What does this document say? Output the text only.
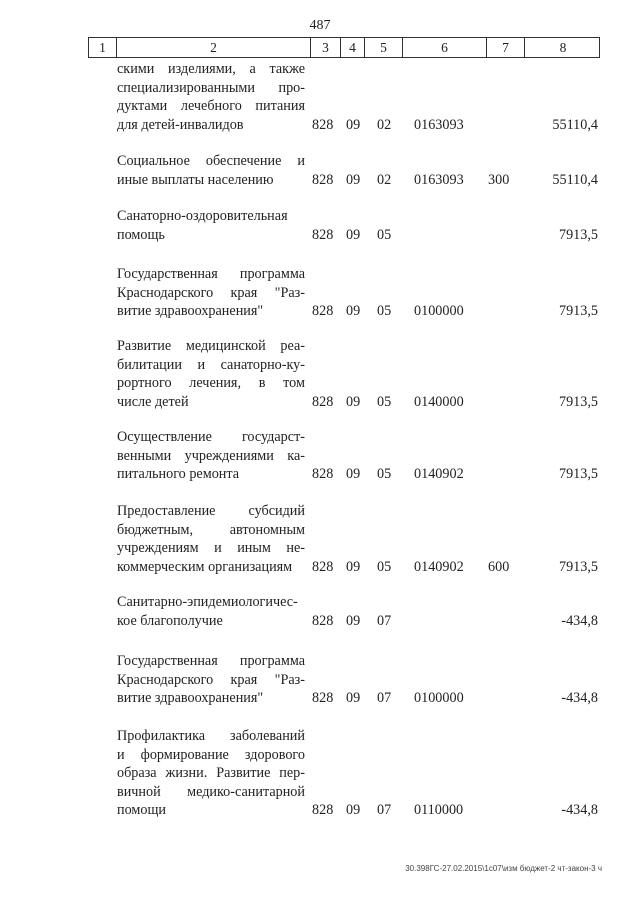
487
1	2	3	4	5	6	7	8
скими изделиями, а также
специализированными про-
дуктами лечебного питания
для детей-инвалидов	828 09 02 0163093	55110,4
Социальное обеспечение и
иные выплаты населению	828 09 02 0163093 300	55110,4
Санаторно-оздоровительная
помощь	828 09 05	7913,5
Государственная программа
Краснодарского края "Раз-
витие здравоохранения"	828 09 05 0100000	7913,5
Развитие медицинской реа-
билитации и санаторно-ку-
рортного лечения, в том
числе детей	828 09 05 0140000	7913,5
Осуществление государст-
венными учреждениями ка-
питального ремонта	828 09 05 0140902	7913,5
Предоставление субсидий
бюджетным, автономным
учреждениям и иным не-
коммерческим организациям	828 09 05 0140902 600	7913,5
Санитарно-эпидемиологичес-
кое благополучие	828 09 07	-434,8
Государственная программа
Краснодарского края "Раз-
витие здравоохранения"	828 09 07 0100000	-434,8
Профилактика заболеваний
и формирование здорового
образа жизни. Развитие пер-
вичной медико-санитарной
помощи	828 09 07 0110000	-434,8
30.398ГС-27.02.2015\1c07\изм бюджет-2 чт-закон-3 ч
